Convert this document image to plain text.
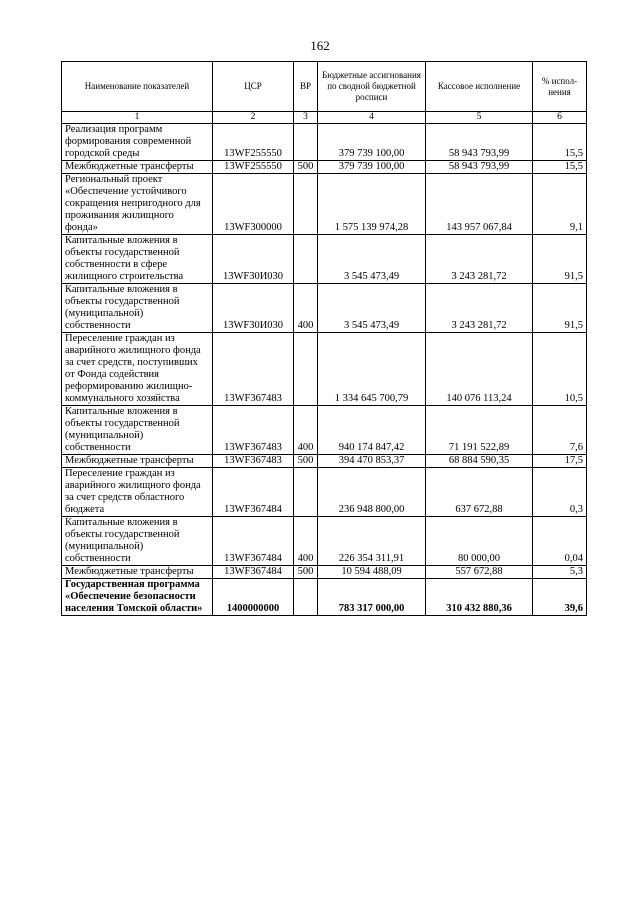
162
Наименование показателей	ЦСР	ВР	Бюджетные ассигнования по сводной бюджетной росписи	Кассовое исполнение	% испол-нения
1	2	3	4	5	6
Реализация программ формирования современной городской среды	13WF255550		379 739 100,00	58 943 793,99	15,5
Межбюджетные трансферты	13WF255550	500	379 739 100,00	58 943 793,99	15,5
Региональный проект «Обеспечение устойчивого сокращения непригодного для проживания жилищного фонда»	13WF300000		1 575 139 974,28	143 957 067,84	9,1
Капитальные вложения в объекты государственной собственности в сфере жилищного строительства	13WF30И030		3 545 473,49	3 243 281,72	91,5
Капитальные вложения в объекты государственной (муниципальной) собственности	13WF30И030	400	3 545 473,49	3 243 281,72	91,5
Переселение граждан из аварийного жилищного фонда за счет средств, поступивших от Фонда содействия реформированию жилищно-коммунального хозяйства	13WF367483		1 334 645 700,79	140 076 113,24	10,5
Капитальные вложения в объекты государственной (муниципальной) собственности	13WF367483	400	940 174 847,42	71 191 522,89	7,6
Межбюджетные трансферты	13WF367483	500	394 470 853,37	68 884 590,35	17,5
Переселение граждан из аварийного жилищного фонда за счет средств областного бюджета	13WF367484		236 948 800,00	637 672,88	0,3
Капитальные вложения в объекты государственной (муниципальной) собственности	13WF367484	400	226 354 311,91	80 000,00	0,04
Межбюджетные трансферты	13WF367484	500	10 594 488,09	557 672,88	5,3
Государственная программа «Обеспечение безопасности населения Томской области»	1400000000		783 317 000,00	310 432 880,36	39,6
